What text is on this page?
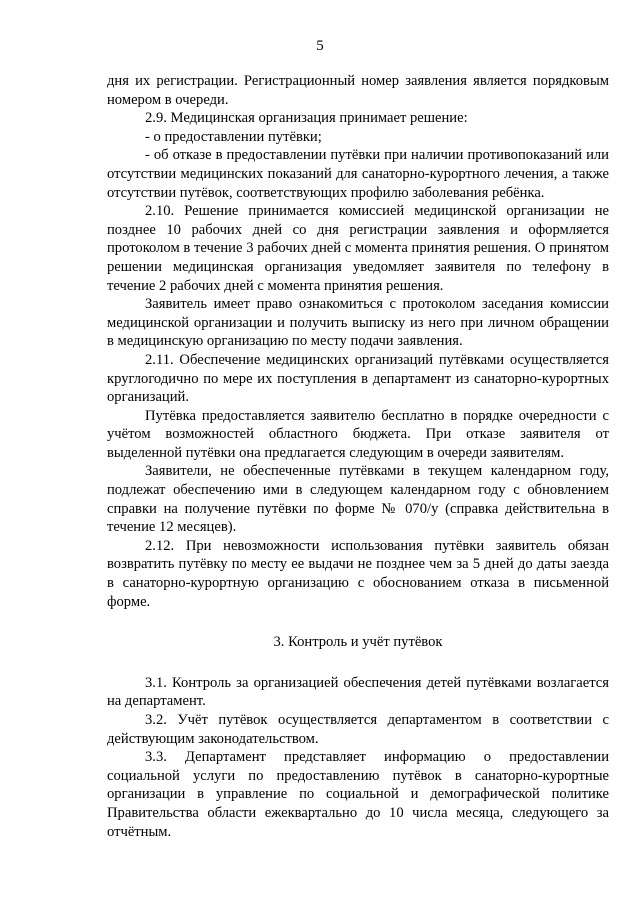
5

дня их регистрации. Регистрационный номер заявления является порядковым номером в очереди.

2.9. Медицинская организация принимает решение:

- о предоставлении путёвки;

- об отказе в предоставлении путёвки при наличии противопоказаний или отсутствии медицинских показаний для санаторно-курортного лечения, а также отсутствии путёвок, соответствующих профилю заболевания ребёнка.

2.10. Решение принимается комиссией медицинской организации не позднее 10 рабочих дней со дня регистрации заявления и оформляется протоколом в течение 3 рабочих дней с момента принятия решения. О принятом решении медицинская организация уведомляет заявителя по телефону в течение 2 рабочих дней с момента принятия решения.

Заявитель имеет право ознакомиться с протоколом заседания комиссии медицинской организации и получить выписку из него при личном обращении в медицинскую организацию по месту подачи заявления.

2.11. Обеспечение медицинских организаций путёвками осуществляется круглогодично по мере их поступления в департамент из санаторно-курортных организаций.

Путёвка предоставляется заявителю бесплатно в порядке очередности с учётом возможностей областного бюджета. При отказе заявителя от выделенной путёвки она предлагается следующим в очереди заявителям.

Заявители, не обеспеченные путёвками в текущем календарном году, подлежат обеспечению ими в следующем календарном году с обновлением справки на получение путёвки по форме № 070/у (справка действительна в течение 12 месяцев).

2.12. При невозможности использования путёвки заявитель обязан возвратить путёвку по месту ее выдачи не позднее чем за 5 дней до даты заезда в санаторно-курортную организацию с обоснованием отказа в письменной форме.

3. Контроль и учёт путёвок

3.1. Контроль за организацией обеспечения детей путёвками возлагается на департамент.

3.2. Учёт путёвок осуществляется департаментом в соответствии с действующим законодательством.

3.3. Департамент представляет информацию о предоставлении социальной услуги по предоставлению путёвок в санаторно-курортные организации в управление по социальной и демографической политике Правительства области ежеквартально до 10 числа месяца, следующего за отчётным.
